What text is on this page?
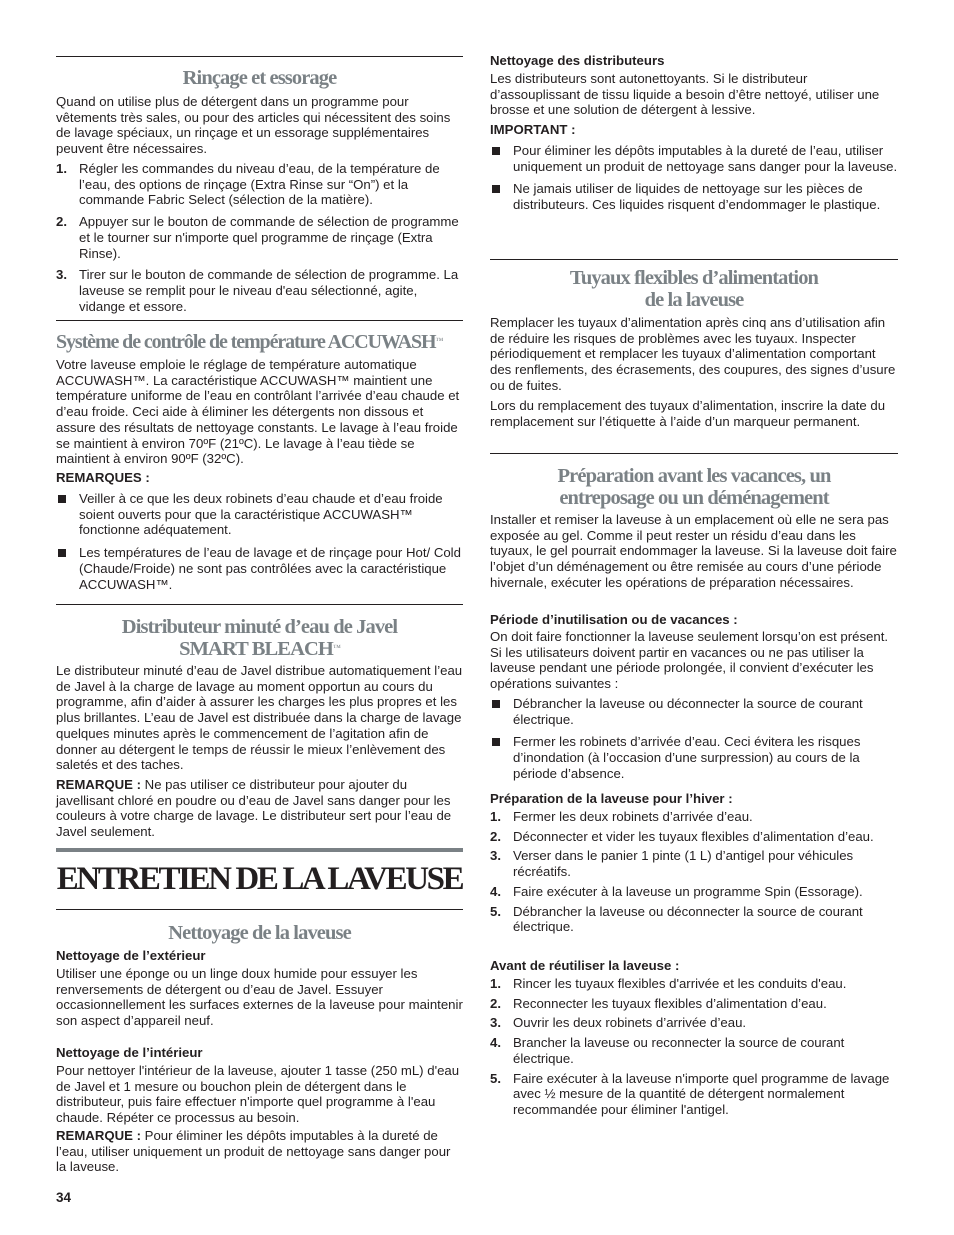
Rinçage et essorage

Quand on utilise plus de détergent dans un programme pour vêtements très sales, ou pour des articles qui nécessitent des soins de lavage spéciaux, un rinçage et un essorage supplémentaires peuvent être nécessaires.

1. Régler les commandes du niveau d’eau, de la température de l’eau, des options de rinçage (Extra Rinse sur “On”) et la commande Fabric Select (sélection de la matière).
2. Appuyer sur le bouton de commande de sélection de programme et le tourner sur n'importe quel programme de rinçage (Extra Rinse).
3. Tirer sur le bouton de commande de sélection de programme. La laveuse se remplit pour le niveau d'eau sélectionné, agite, vidange et essore.
Système de contrôle de température ACCUWASH™

Votre laveuse emploie le réglage de température automatique ACCUWASH™. La caractéristique ACCUWASH™ maintient une température uniforme de l’eau en contrôlant l’arrivée d’eau chaude et d’eau froide. Ceci aide à éliminer les détergents non dissous et assure des résultats de nettoyage constants. Le lavage à l’eau froide se maintient à environ 70ºF (21ºC). Le lavage à l’eau tiède se maintient à environ 90ºF (32ºC).

REMARQUES :

Veiller à ce que les deux robinets d’eau chaude et d’eau froide soient ouverts pour que la caractéristique ACCUWASH™ fonctionne adéquatement.
Les températures de l’eau de lavage et de rinçage pour Hot/ Cold (Chaude/Froide) ne sont pas contrôlées avec la caractéristique ACCUWASH™.
Distributeur minuté d’eau de Javel
SMART BLEACH™

Le distributeur minuté d’eau de Javel distribue automatiquement l’eau de Javel à la charge de lavage au moment opportun au cours du programme, afin d’aider à assurer les charges les plus propres et les plus brillantes. L’eau de Javel est distribuée dans la charge de lavage quelques minutes après le commencement de l’agitation afin de donner au détergent le temps de réussir le mieux l’enlèvement des saletés et des taches.

REMARQUE : Ne pas utiliser ce distributeur pour ajouter du javellisant chloré en poudre ou d’eau de Javel sans danger pour les couleurs à votre charge de lavage. Le distributeur sert pour l’eau de Javel seulement.

ENTRETIEN DE LA LAVEUSE
Nettoyage de la laveuse

Nettoyage de l’extérieur

Utiliser une éponge ou un linge doux humide pour essuyer les renversements de détergent ou d’eau de Javel. Essuyer occasionnellement les surfaces externes de la laveuse pour maintenir son aspect d’appareil neuf.

Nettoyage de l’intérieur

Pour nettoyer l'intérieur de la laveuse, ajouter 1 tasse (250 mL) d'eau de Javel et 1 mesure ou bouchon plein de détergent dans le distributeur, puis faire effectuer n'importe quel programme à l'eau chaude. Répéter ce processus au besoin.

REMARQUE : Pour éliminer les dépôts imputables à la dureté de l’eau, utiliser uniquement un produit de nettoyage sans danger pour la laveuse.

34

Nettoyage des distributeurs

Les distributeurs sont autonettoyants. Si le distributeur d’assouplissant de tissu liquide a besoin d’être nettoyé, utiliser une brosse et une solution de détergent à lessive.

IMPORTANT :

Pour éliminer les dépôts imputables à la dureté de l’eau, utiliser uniquement un produit de nettoyage sans danger pour la laveuse.
Ne jamais utiliser de liquides de nettoyage sur les pièces de distributeurs. Ces liquides risquent d’endommager le plastique.
Tuyaux flexibles d’alimentation
de la laveuse

Remplacer les tuyaux d’alimentation après cinq ans d’utilisation afin de réduire les risques de problèmes avec les tuyaux. Inspecter périodiquement et remplacer les tuyaux d’alimentation comportant des renflements, des écrasements, des coupures, des signes d’usure ou de fuites.

Lors du remplacement des tuyaux d’alimentation, inscrire la date du remplacement sur l’étiquette à l’aide d’un marqueur permanent.

Préparation avant les vacances, un
entreposage ou un déménagement

Installer et remiser la laveuse à un emplacement où elle ne sera pas exposée au gel. Comme il peut rester un résidu d’eau dans les tuyaux, le gel pourrait endommager la laveuse. Si la laveuse doit faire l’objet d’un déménagement ou être remisée au cours d’une période hivernale, exécuter les opérations de préparation nécessaires.

Période d’inutilisation ou de vacances :

On doit faire fonctionner la laveuse seulement lorsqu’on est présent. Si les utilisateurs doivent partir en vacances ou ne pas utiliser la laveuse pendant une période prolongée, il convient d’exécuter les opérations suivantes :

Débrancher la laveuse ou déconnecter la source de courant électrique.
Fermer les robinets d’arrivée d’eau. Ceci évitera les risques d’inondation (à l’occasion d’une surpression) au cours de la période d’absence.

Préparation de la laveuse pour l’hiver :

1. Fermer les deux robinets d’arrivée d’eau.
2. Déconnecter et vider les tuyaux flexibles d’alimentation d’eau.
3. Verser dans le panier 1 pinte (1 L) d’antigel pour véhicules récréatifs.
4. Faire exécuter à la laveuse un programme Spin (Essorage).
5. Débrancher la laveuse ou déconnecter la source de courant électrique.

Avant de réutiliser la laveuse :

1. Rincer les tuyaux flexibles d'arrivée et les conduits d'eau.
2. Reconnecter les tuyaux flexibles d’alimentation d’eau.
3. Ouvrir les deux robinets d’arrivée d’eau.
4. Brancher la laveuse ou reconnecter la source de courant électrique.
5. Faire exécuter à la laveuse n'importe quel programme de lavage avec ½ mesure de la quantité de détergent normalement recommandée pour éliminer l'antigel.
